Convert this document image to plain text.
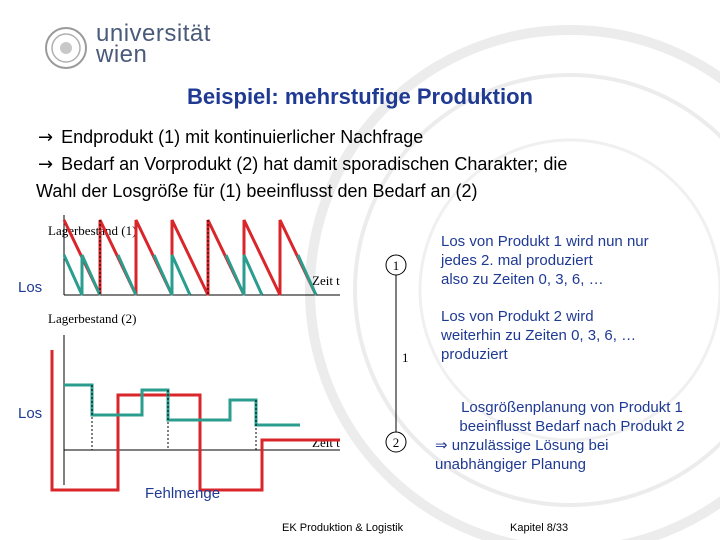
universität
wien
Beispiel: mehrstufige Produktion
→ Endprodukt (1) mit kontinuierlicher Nachfrage
→ Bedarf an Vorprodukt (2) hat damit sporadischen Charakter; die
Wahl der Losgröße für (1) beeinflusst den Bedarf an (2)
Lagerbestand (1)
Zeit t
1
1
2
Lagerbestand (2)
Zeit t
Los
Los
Fehlmenge
Los von Produkt 1 wird nun nur
jedes 2. mal produziert
also zu Zeiten 0, 3, 6, …
Los von Produkt 2 wird
weiterhin zu Zeiten 0, 3, 6, …
produziert
Losgrößenplanung von Produkt 1
beeinflusst Bedarf nach Produkt 2
⇒ unzulässige Lösung bei
unabhängiger Planung
EK Produktion & Logistik	Kapitel 8/33
